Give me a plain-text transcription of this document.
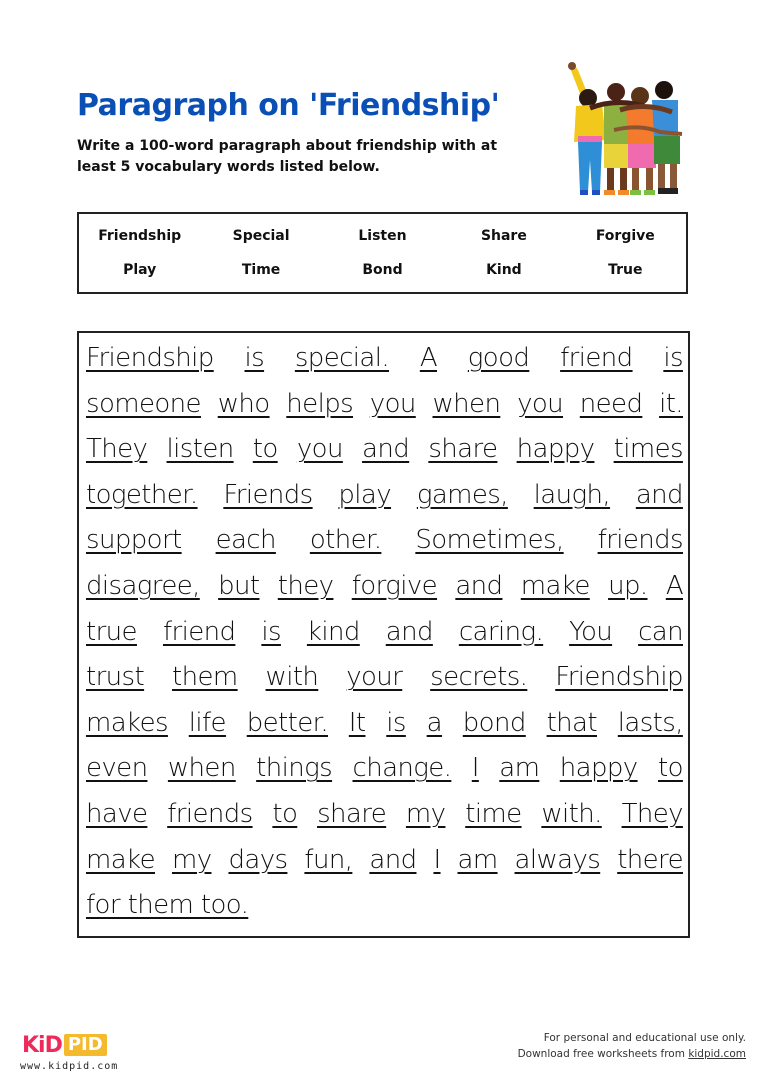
Paragraph on 'Friendship'
Write a 100-word paragraph about friendship with at least 5 vocabulary words listed below.
Friendship	Special	Listen	Share	Forgive
Play	Time	Bond	Kind	True
Friendship is special. A good friend is
someone who helps you when you need it.
They listen to you and share happy times
together. Friends play games, laugh, and
support each other. Sometimes, friends
disagree, but they forgive and make up. A
true friend is kind and caring. You can
trust them with your secrets. Friendship
makes life better. It is a bond that lasts,
even when things change. I am happy to
have friends to share my time with. They
make my days fun, and I am always there
for them too.
KiD PID
www.kidpid.com
For personal and educational use only.
Download free worksheets from kidpid.com
